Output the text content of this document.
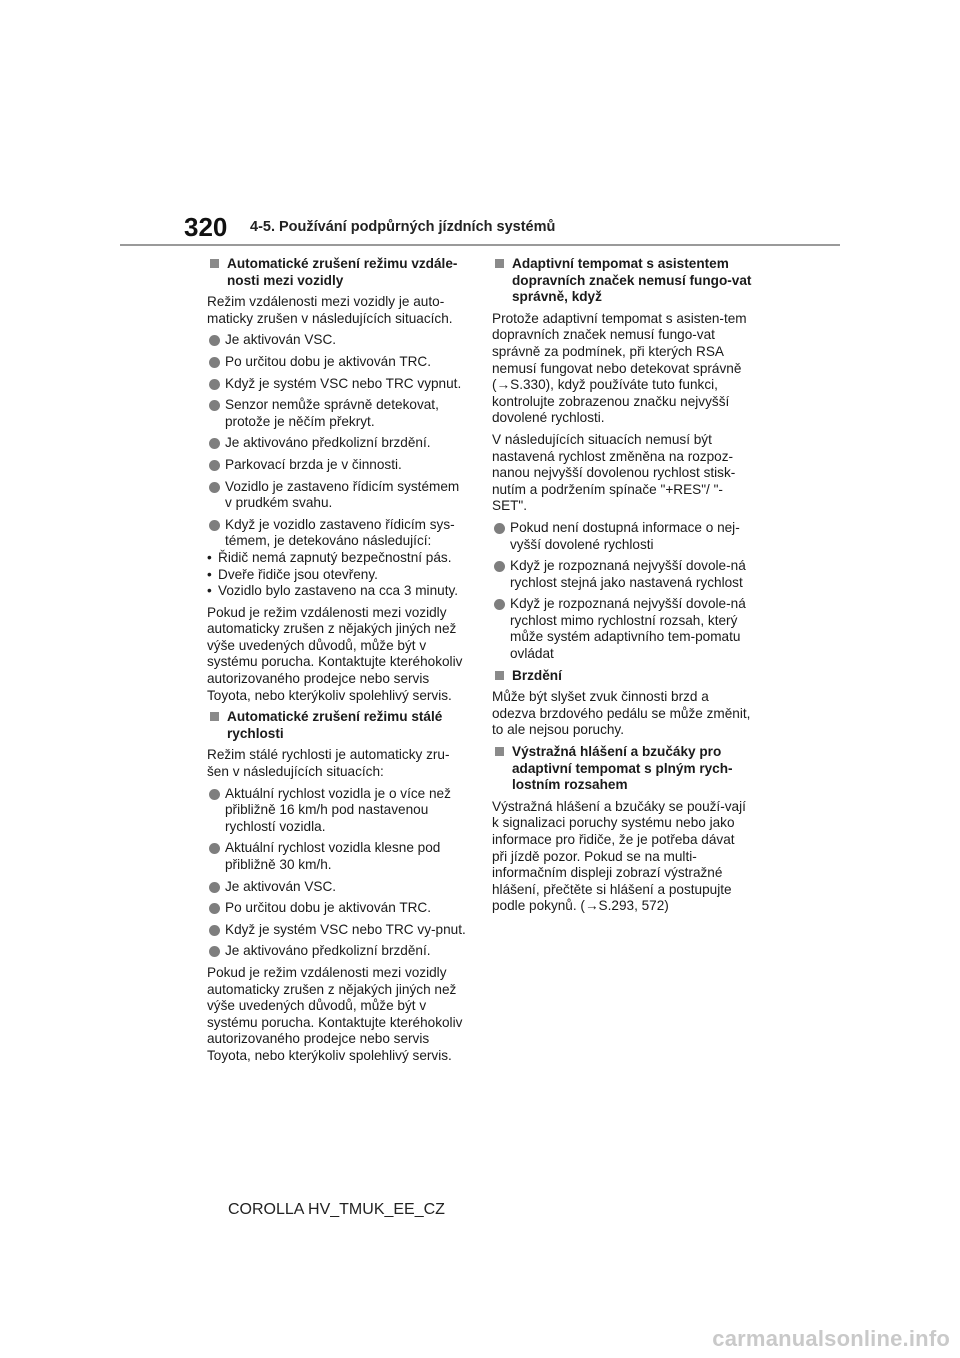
320 4-5. Používání podpůrných jízdních systémů
Automatické zrušení režimu vzdále-nosti mezi vozidly
Režim vzdálenosti mezi vozidly je auto-maticky zrušen v následujících situacích.
Je aktivován VSC.
Po určitou dobu je aktivován TRC.
Když je systém VSC nebo TRC vypnut.
Senzor nemůže správně detekovat, protože je něčím překryt.
Je aktivováno předkolizní brzdění.
Parkovací brzda je v činnosti.
Vozidlo je zastaveno řídicím systémem v prudkém svahu.
Když je vozidlo zastaveno řídicím sys-témem, je detekováno následující:
• Řidič nemá zapnutý bezpečnostní pás.
• Dveře řidiče jsou otevřeny.
• Vozidlo bylo zastaveno na cca 3 minuty.
Pokud je režim vzdálenosti mezi vozidly automaticky zrušen z nějakých jiných než výše uvedených důvodů, může být v systému porucha. Kontaktujte kteréhokoliv autorizovaného prodejce nebo servis Toyota, nebo kterýkoliv spolehlivý servis.
Automatické zrušení režimu stálé rychlosti
Režim stálé rychlosti je automaticky zru-šen v následujících situacích:
Aktuální rychlost vozidla je o více než přibližně 16 km/h pod nastavenou rychlostí vozidla.
Aktuální rychlost vozidla klesne pod přibližně 30 km/h.
Je aktivován VSC.
Po určitou dobu je aktivován TRC.
Když je systém VSC nebo TRC vy-pnut.
Je aktivováno předkolizní brzdění.
Pokud je režim vzdálenosti mezi vozidly automaticky zrušen z nějakých jiných než výše uvedených důvodů, může být v systému porucha. Kontaktujte kteréhokoliv autorizovaného prodejce nebo servis Toyota, nebo kterýkoliv spolehlivý servis.
Adaptivní tempomat s asistentem dopravních značek nemusí fungo-vat správně, když
Protože adaptivní tempomat s asisten-tem dopravních značek nemusí fungo-vat správně za podmínek, při kterých RSA nemusí fungovat nebo detekovat správně (→S.330), když používáte tuto funkci, kontrolujte zobrazenou značku nejvyšší dovolené rychlosti.
V následujících situacích nemusí být nastavená rychlost změněna na rozpoz-nanou nejvyšší dovolenou rychlost stisk-nutím a podržením spínače "+RES"/ "-SET".
Pokud není dostupná informace o nej-vyšší dovolené rychlosti
Když je rozpoznaná nejvyšší dovole-ná rychlost stejná jako nastavená rychlost
Když je rozpoznaná nejvyšší dovole-ná rychlost mimo rychlostní rozsah, který může systém adaptivního tem-pomatu ovládat
Brzdění
Může být slyšet zvuk činnosti brzd a odezva brzdového pedálu se může změnit, to ale nejsou poruchy.
Výstražná hlášení a bzučáky pro adaptivní tempomat s plným rych-lostním rozsahem
Výstražná hlášení a bzučáky se použí-vají k signalizaci poruchy systému nebo jako informace pro řidiče, že je potřeba dávat při jízdě pozor. Pokud se na multi-informačním displeji zobrazí výstražné hlášení, přečtěte si hlášení a postupujte podle pokynů. (→S.293, 572)
COROLLA HV_TMUK_EE_CZ
carmanualsonline.info
